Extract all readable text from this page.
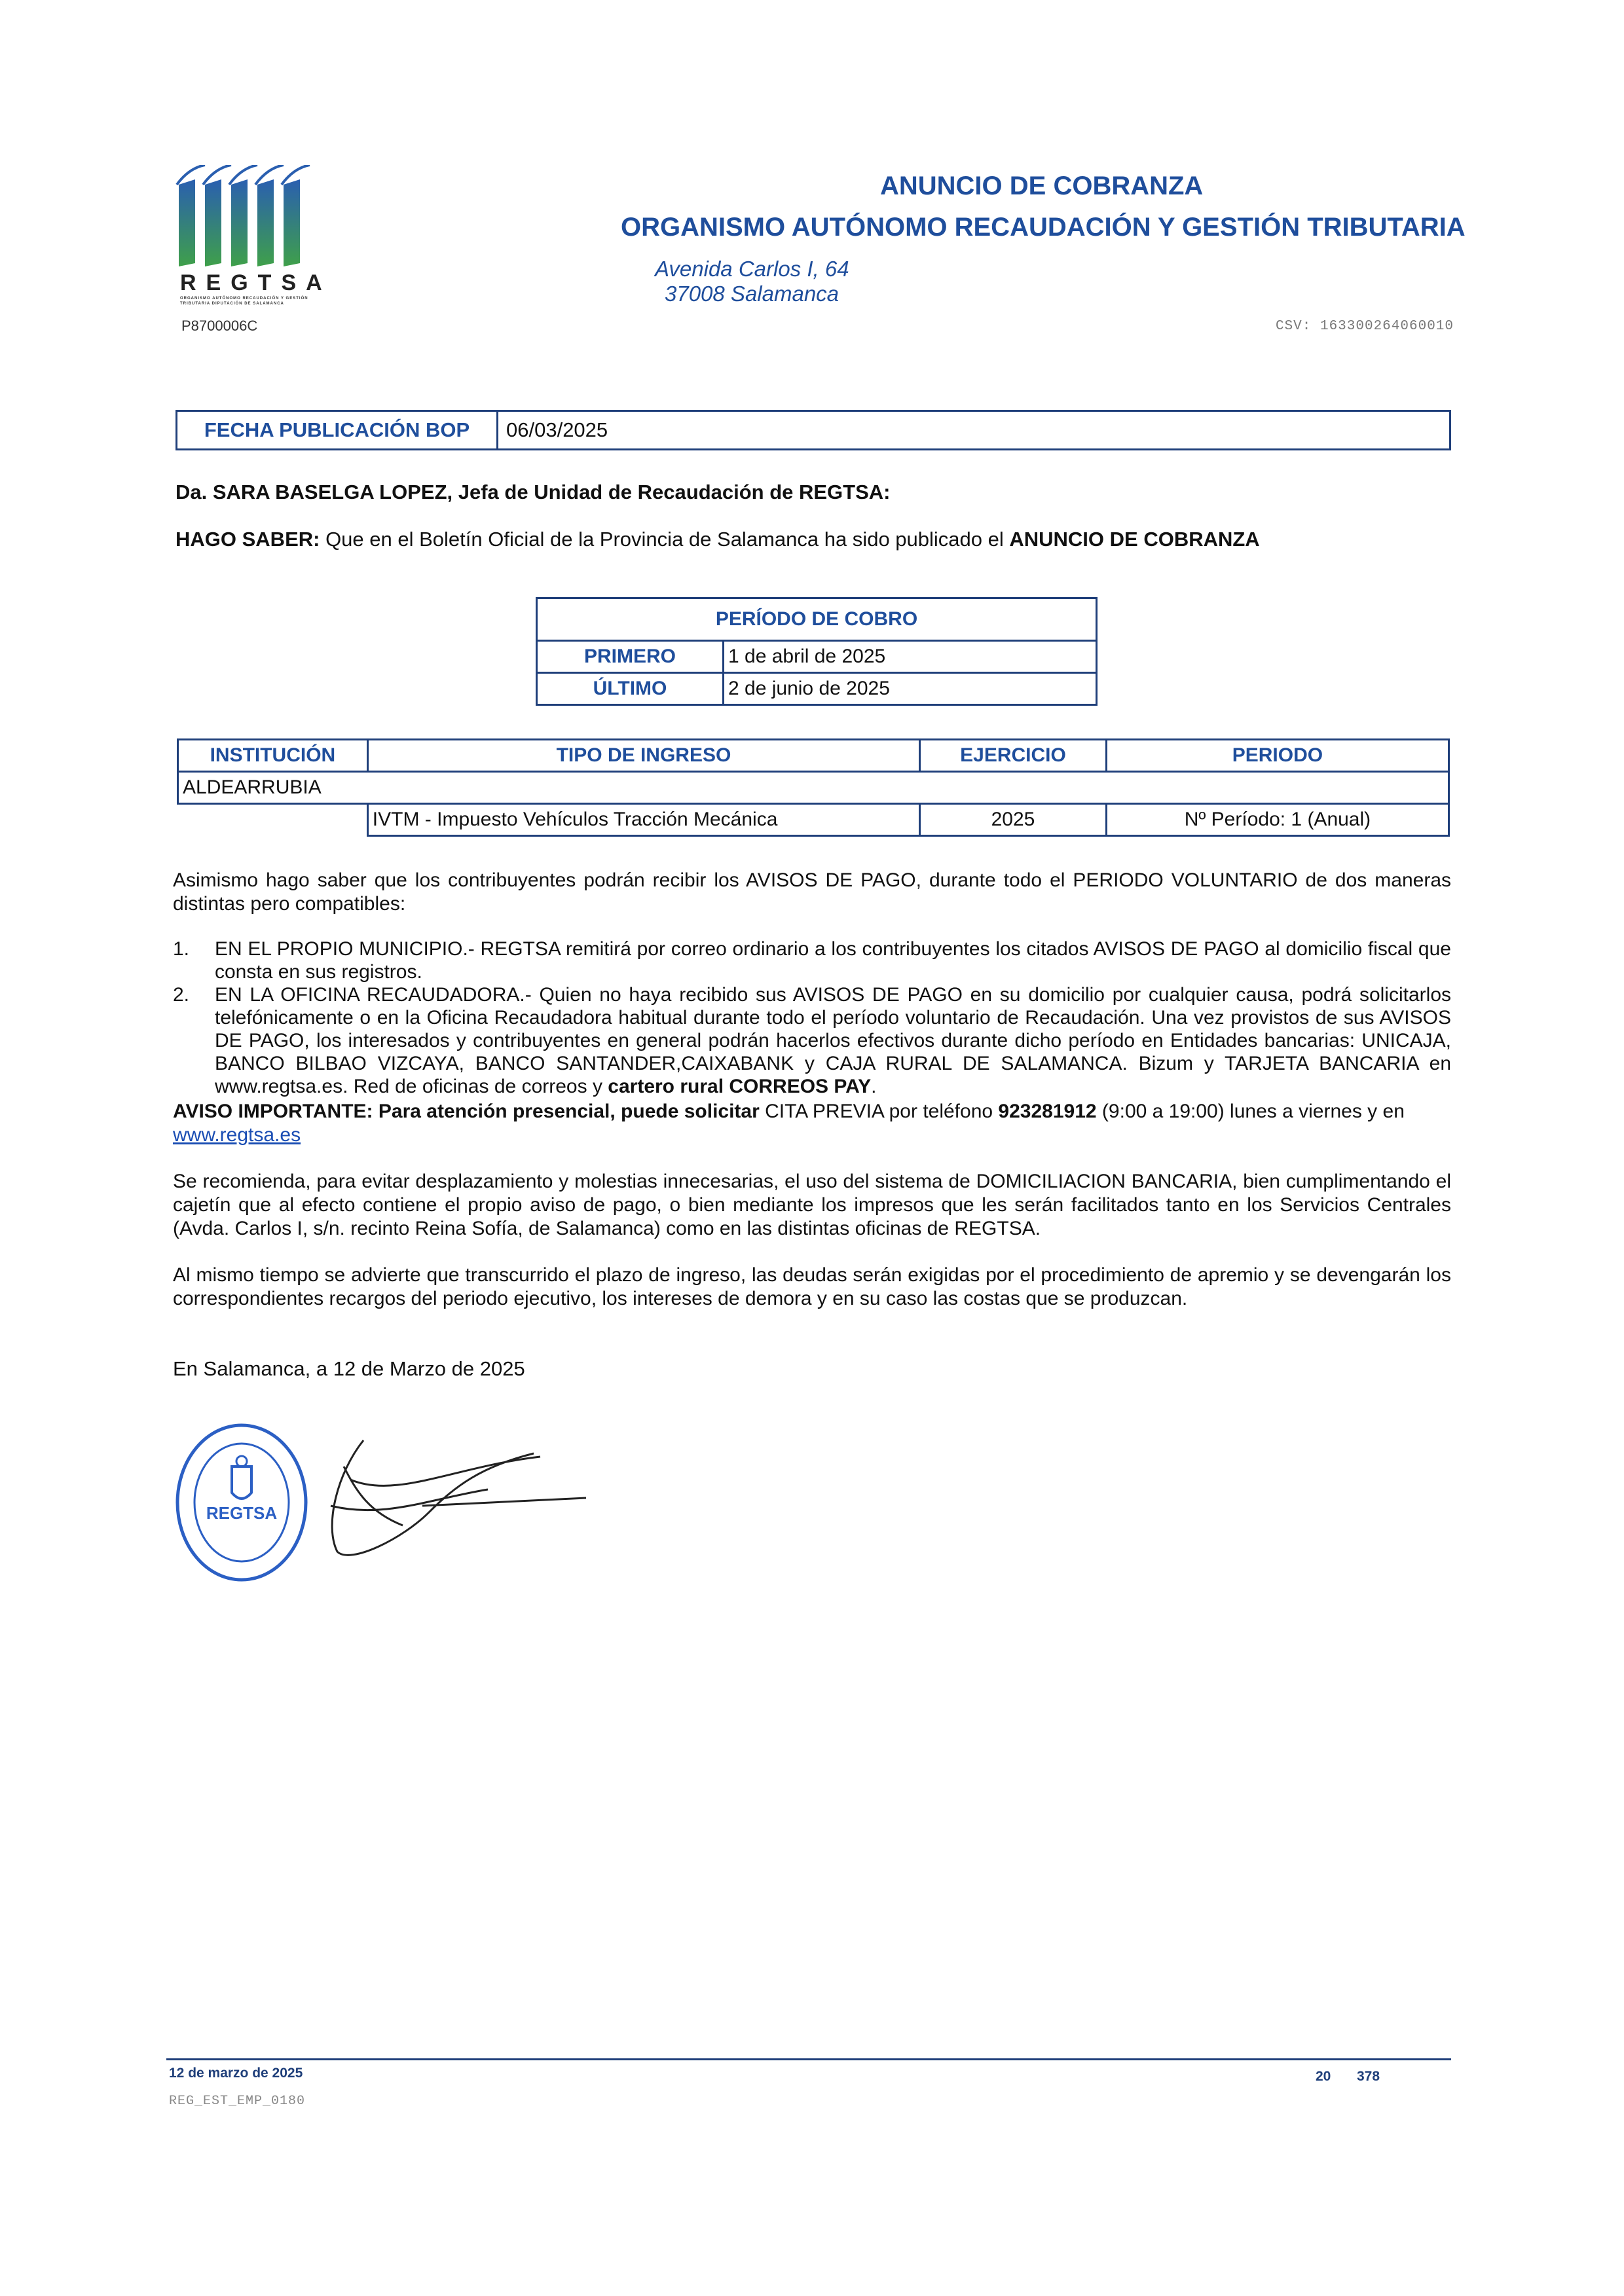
REGTSA
ORGANISMO AUTÓNOMO RECAUDACIÓN Y GESTIÓN TRIBUTARIA DIPUTACIÓN DE SALAMANCA
P8700006C
ANUNCIO DE COBRANZA
ORGANISMO AUTÓNOMO RECAUDACIÓN Y GESTIÓN TRIBUTARIA
Avenida Carlos I, 64
37008 Salamanca
CSV: 163300264060010
FECHA PUBLICACIÓN BOP	06/03/2025
Da. SARA BASELGA LOPEZ, Jefa de Unidad de Recaudación de REGTSA:
HAGO SABER: Que en el Boletín Oficial de la Provincia de Salamanca ha sido publicado el ANUNCIO DE COBRANZA
PERÍODO DE COBRO	
PRIMERO	1 de abril de 2025
ÚLTIMO	2 de junio de 2025
INSTITUCIÓN	TIPO DE INGRESO	EJERCICIO	PERIODO
ALDEARRUBIA			
	IVTM - Impuesto Vehículos Tracción Mecánica	2025	Nº Período: 1 (Anual)
Asimismo hago saber que los contribuyentes podrán recibir los AVISOS DE PAGO, durante todo el PERIODO VOLUNTARIO de dos maneras distintas pero compatibles:
1. EN EL PROPIO MUNICIPIO.- REGTSA remitirá por correo ordinario a los contribuyentes los citados AVISOS DE PAGO al domicilio fiscal que consta en sus registros.
2. EN LA OFICINA RECAUDADORA.- Quien no haya recibido sus AVISOS DE PAGO en su domicilio por cualquier causa, podrá solicitarlos telefónicamente o en la Oficina Recaudadora habitual durante todo el período voluntario de Recaudación. Una vez provistos de sus AVISOS DE PAGO, los interesados y contribuyentes en general podrán hacerlos efectivos durante dicho período en Entidades bancarias: UNICAJA, BANCO BILBAO VIZCAYA, BANCO SANTANDER,CAIXABANK y CAJA RURAL DE SALAMANCA. Bizum y TARJETA BANCARIA en www.regtsa.es. Red de oficinas de correos y cartero rural CORREOS PAY.
AVISO IMPORTANTE: Para atención presencial, puede solicitar CITA PREVIA por teléfono 923281912 (9:00 a 19:00) lunes a viernes y en www.regtsa.es
Se recomienda, para evitar desplazamiento y molestias innecesarias, el uso del sistema de DOMICILIACION BANCARIA, bien cumplimentando el cajetín que al efecto contiene el propio aviso de pago, o bien mediante los impresos que les serán facilitados tanto en los Servicios Centrales (Avda. Carlos I, s/n. recinto Reina Sofía, de Salamanca) como en las distintas oficinas de REGTSA.
Al mismo tiempo se advierte que transcurrido el plazo de ingreso, las deudas serán exigidas por el procedimiento de apremio y se devengarán los correspondientes recargos del periodo ejecutivo, los intereses de demora y en su caso las costas que se produzcan.
En Salamanca, a 12 de Marzo de 2025
REGTSA
12 de marzo de 2025	20 378
REG_EST_EMP_0180
